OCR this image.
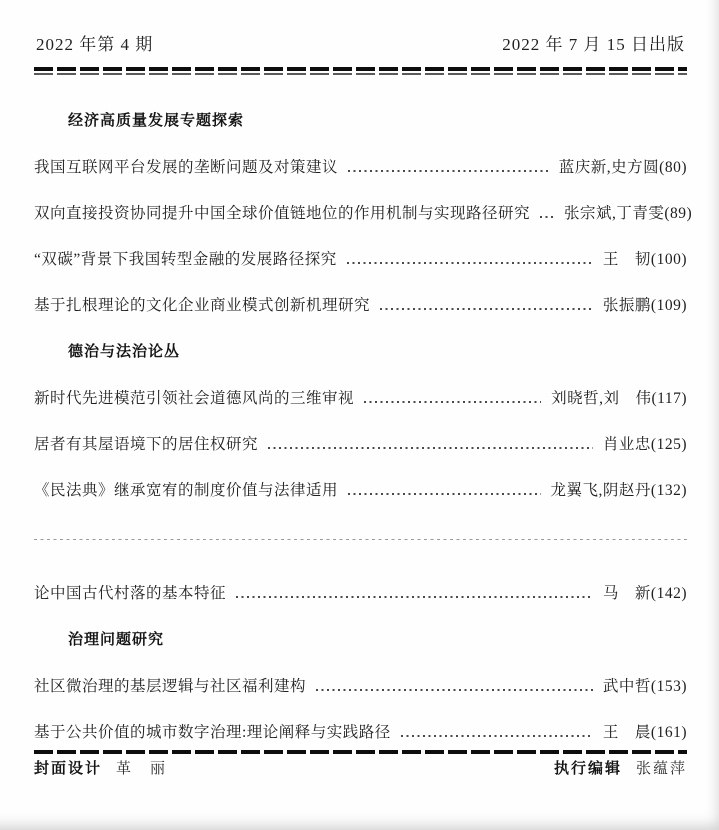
2022 年第 4 期	2022 年 7 月 15 日出版
经济高质量发展专题探索
我国互联网平台发展的垄断问题及对策建议	蓝庆新,史方圆(80)
双向直接投资协同提升中国全球价值链地位的作用机制与实现路径研究 张宗斌,丁青雯(89)
“双碳”背景下我国转型金融的发展路径探究	王　韧(100)
基于扎根理论的文化企业商业模式创新机理研究	张振鹏(109)
德治与法治论丛
新时代先进模范引领社会道德风尚的三维审视	刘晓哲,刘　伟(117)
居者有其屋语境下的居住权研究	肖业忠(125)
《民法典》继承宽宥的制度价值与法律适用	龙翼飞,阴赵丹(132)
论中国古代村落的基本特征	马　新(142)
治理问题研究
社区微治理的基层逻辑与社区福利建构	武中哲(153)
基于公共价值的城市数字治理:理论阐释与实践路径	王　晨(161)
封面设计 革　丽	执行编辑 张蕴萍
